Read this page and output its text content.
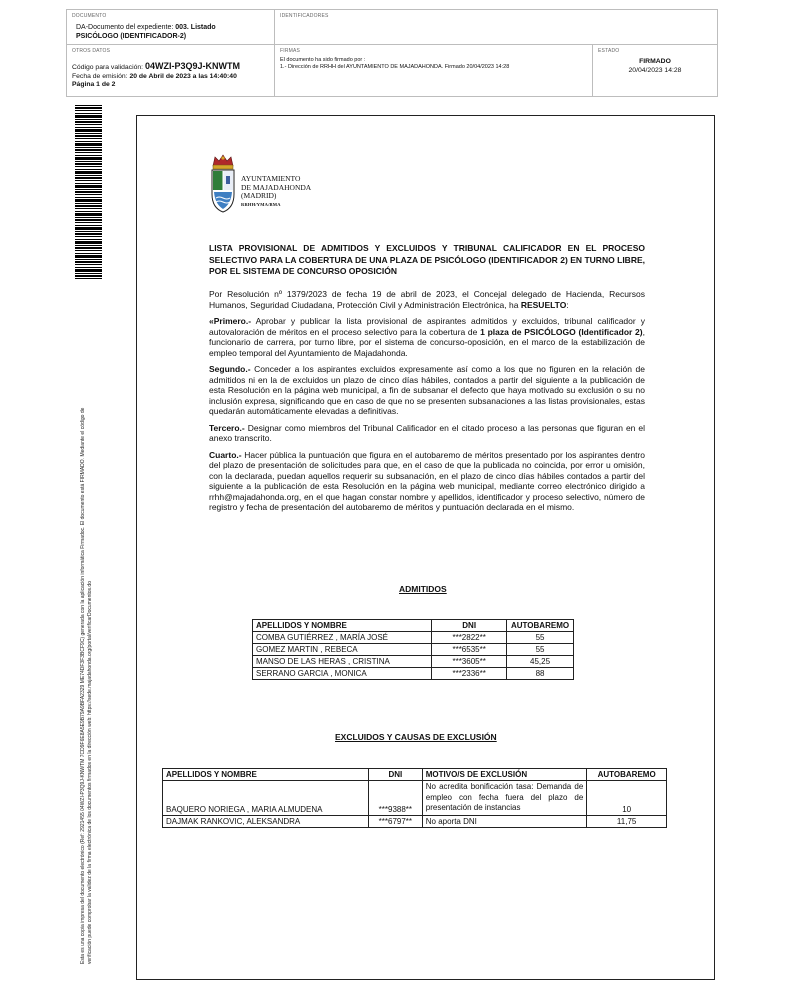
DOCUMENTO
DA-Documento del expediente: 003. Listado
PSICÓLOGO (IDENTIFICADOR-2)
IDENTIFICADORES
OTROS DATOS
Código para validación: 04WZI-P3Q9J-KNWTM
Fecha de emisión: 20 de Abril de 2023 a las 14:40:40
Página 1 de 2
FIRMAS
El documento ha sido firmado por :
1.- Dirección de RRHH del AYUNTAMIENTO DE MAJADAHONDA. Firmado 20/04/2023 14:28
ESTADO
FIRMADO
20/04/2023 14:28
Esta es una copia impresa del documento electrónico (Ref: 2921455 04WZI-P3Q9J-KNWTM 7CD9F6E8A5E9B79A9BFA2329 ME74DF3F3BCF9C) generada con la aplicación informática Firmadoc. El documento está FIRMADO. Mediante el código de verificación puede comprobar la validez de la firma electrónica de los documentos firmados en la dirección web: https://sede.majadahonda.org/portal/verificarDocumentos.do
AYUNTAMIENTO
DE MAJADAHONDA
(MADRID)
RRHH/YMA/BMA
LISTA PROVISIONAL DE ADMITIDOS Y EXCLUIDOS Y TRIBUNAL CALIFICADOR EN EL PROCESO SELECTIVO PARA LA COBERTURA DE UNA PLAZA DE PSICÓLOGO (IDENTIFICADOR 2) EN TURNO LIBRE, POR EL SISTEMA DE CONCURSO OPOSICIÓN

Por Resolución nº 1379/2023 de fecha 19 de abril de 2023, el Concejal delegado de Hacienda, Recursos Humanos, Seguridad Ciudadana, Protección Civil y Administración Electrónica, ha RESUELTO:

«Primero.- Aprobar y publicar la lista provisional de aspirantes admitidos y excluidos, tribunal calificador y autovaloración de méritos en el proceso selectivo para la cobertura de 1 plaza de PSICÓLOGO (Identificador 2), funcionario de carrera, por turno libre, por el sistema de concurso-oposición, en el marco de la estabilización de empleo temporal del Ayuntamiento de Majadahonda.

Segundo.- Conceder a los aspirantes excluidos expresamente así como a los que no figuren en la relación de admitidos ni en la de excluidos un plazo de cinco días hábiles, contados a partir del siguiente a la publicación de esta Resolución en la página web municipal, a fin de subsanar el defecto que haya motivado su exclusión o su no inclusión expresa, significando que en caso de que no se presenten subsanaciones a las listas provisionales, estas quedarán automáticamente elevadas a definitivas.

Tercero.- Designar como miembros del Tribunal Calificador en el citado proceso a las personas que figuran en el anexo transcrito.

Cuarto.- Hacer pública la puntuación que figura en el autobaremo de méritos presentado por los aspirantes dentro del plazo de presentación de solicitudes para que, en el caso de que la publicada no coincida, por error u omisión, con la declarada, puedan aquellos requerir su subsanación, en el plazo de cinco días hábiles contados a partir del siguiente a la publicación de esta Resolución en la página web municipal, mediante correo electrónico dirigido a rrhh@majadahonda.org, en el que hagan constar nombre y apellidos, identificador y proceso selectivo, número de registro y fecha de presentación del autobaremo de méritos y puntuación declarada en el mismo.

ADMITIDOS
APELLIDOS Y NOMBRE	DNI	AUTOBAREMO
COMBA GUTIÉRREZ , MARÍA JOSÉ	***2822**	55
GOMEZ MARTIN , REBECA	***6535**	55
MANSO DE LAS HERAS , CRISTINA	***3605**	45,25
SERRANO GARCIA , MONICA	***2336**	88
EXCLUIDOS Y CAUSAS DE EXCLUSIÓN
APELLIDOS Y NOMBRE	DNI	MOTIVO/S DE EXCLUSIÓN	AUTOBAREMO
BAQUERO NORIEGA , MARIA ALMUDENA	***9388**	No acredita bonificación tasa: Demanda de empleo con fecha fuera del plazo de presentación de instancias	10
DAJMAK RANKOVIC, ALEKSANDRA	***6797**	No aporta DNI	11,75
